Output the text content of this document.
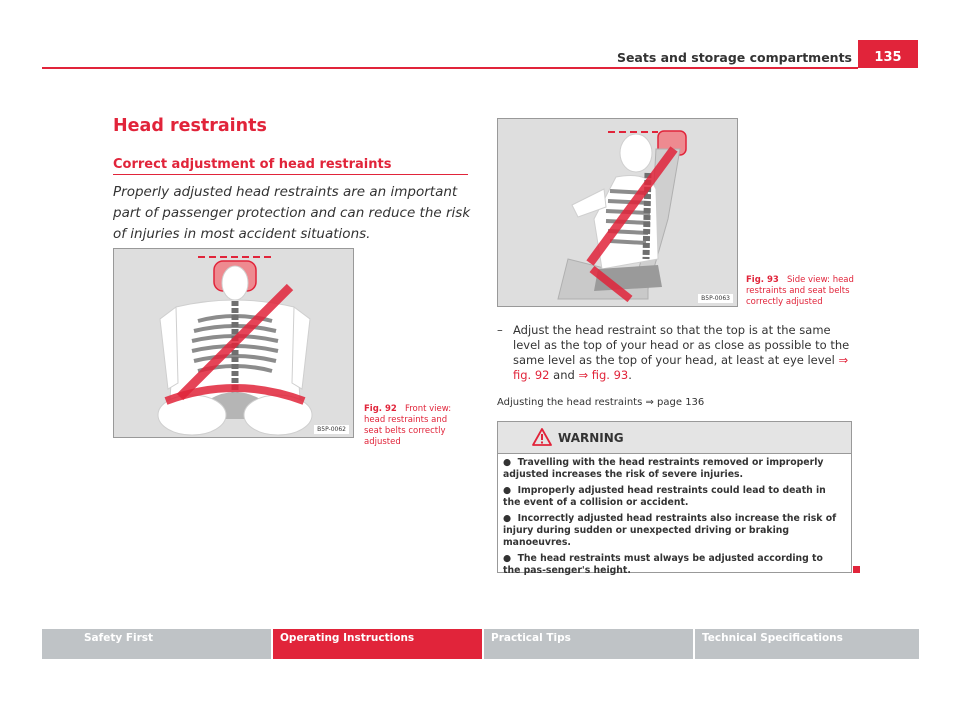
Seats and storage compartments	135
Head restraints
Correct adjustment of head restraints
Properly adjusted head restraints are an important part of passenger protection and can reduce the risk of injuries in most accident situations.
B5P-0062
Fig. 92 Front view: head restraints and seat belts correctly adjusted
B5P-0063
Fig. 93 Side view: head restraints and seat belts correctly adjusted
– Adjust the head restraint so that the top is at the same level as the top of your head or as close as possible to the same level as the top of your head, at least at eye level ⇒ fig. 92 and ⇒ fig. 93.
Adjusting the head restraints ⇒ page 136
WARNING
●  Travelling with the head restraints removed or improperly adjusted increases the risk of severe injuries.
●  Improperly adjusted head restraints could lead to death in the event of a collision or accident.
●  Incorrectly adjusted head restraints also increase the risk of injury during sudden or unexpected driving or braking manoeuvres.
●  The head restraints must always be adjusted according to the pas-senger's height.
Safety First	Operating Instructions	Practical Tips	Technical Specifications
